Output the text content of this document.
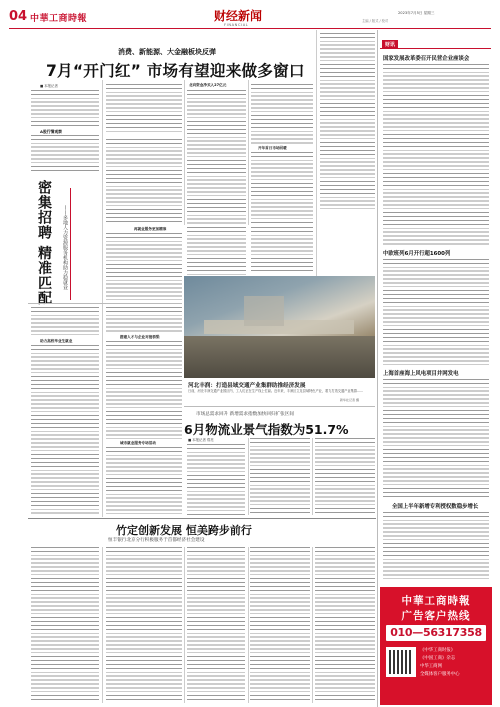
04 中華工商時報	财经新闻
FINANCIAL
2023年7月5日 星期三
主编 / 版式 / 校对
消费、新能源、大金融板块反弹
7月“开门红” 市场有望迎来做多窗口
■ 本报记者
A股行情观察
北向资金净买入27亿元
开年首日市场回暖
密集招聘 精准匹配	——多地人力资源服务机构助力稳就业	再就业服务更加精准
河北丰润：打造县域交通产业集群助推经济发展
日前，河北丰润交通产业园区内，工人们正在生产线上忙碌。近年来，丰润区立足县域特色产业，着力打造交通产业集群……
新华社记者 摄
助力高校毕业生就业
搭建人才与企业对接桥梁
城市就业服务专场活动
市场总需求回升 新增需求指数加快回归扩张区间
6月物流业景气指数为51.7%
■ 本报记者 郑亮
竹定创新发展 恒美跨步前行
恒丰银行北京分行积极服务于首都经济社会建设
财讯
国家发展改革委召开民营企业座谈会
中欧班列6月开行超1600列
上海首座海上风电项目并网发电
全国上半年新增专利授权数稳步增长
中華工商時報
广告客户热线
010—56317358
《中华工商时报》
《中国工商》杂志
中华工商网
全媒体客户服务中心
